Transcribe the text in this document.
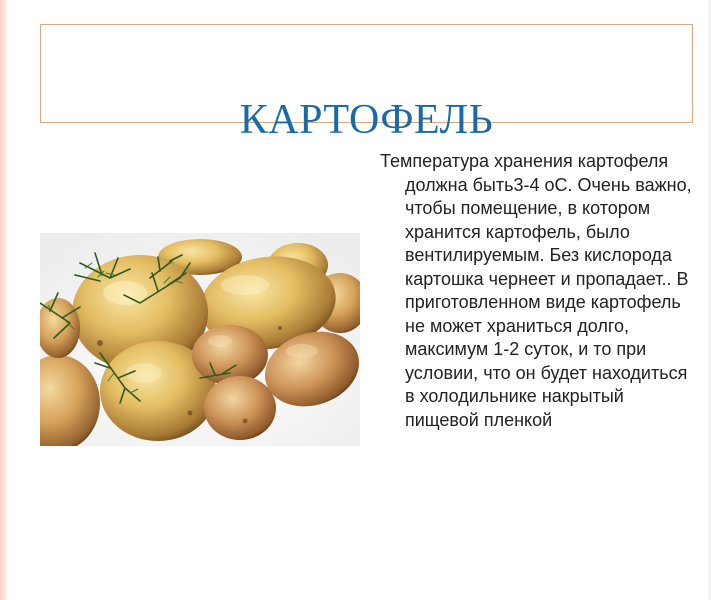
КАРТОФЕЛЬ

Температура хранения картофеля должна быть3-4 оС. Очень важно, чтобы помещение, в котором хранится картофель, было вентилируемым. Без кислорода картошка чернеет и пропадает.. В приготовленном виде картофель не может храниться долго, максимум 1-2 суток, и то при условии, что он будет находиться в холодильнике накрытый пищевой пленкой
